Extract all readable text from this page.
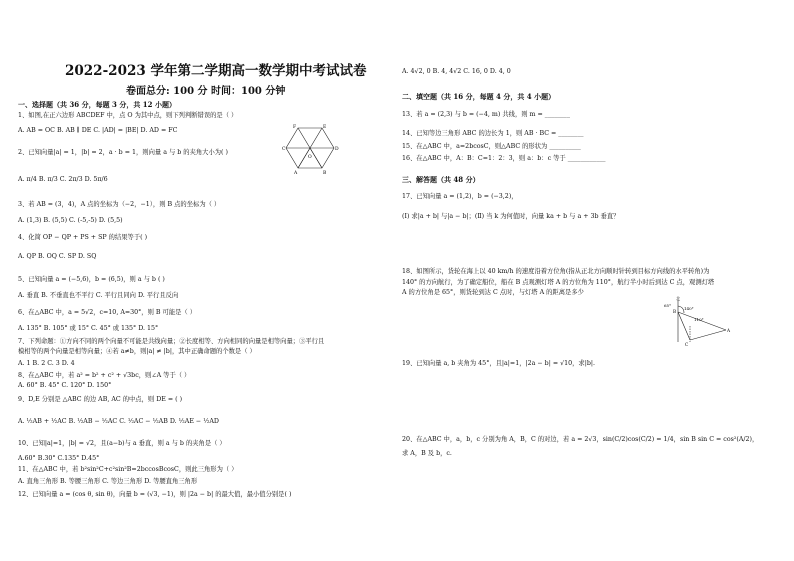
2022-2023 学年第二学期高一数学期中考试试卷
卷面总分: 100 分 时间：100 分钟
一、选择题（共 36 分，每题 3 分，共 12 小题）
1、如图,在正六边形 ABCDEF 中，点 O 为其中点，则下列判断错误的是（ ）
A. AB = OC B. AB ∥ DE C. |AD| = |BE| D. AD = FC	F	E
D
A	B
C
O
2、已知向量|a| = 1，|b| = 2，a · b = 1，则向量 a 与 b 的夹角大小为( )
A. π/4 B. π/3 C. 2π/3 D. 5π/6
3、若 AB = (3，4)，A 点的坐标为（−2，−1），则 B 点的坐标为（ ）
A. (1,3) B. (5,5) C. (-5,-5) D. (5,5)
4、化简 OP − QP + PS + SP 的结果等于( )
A. QP B. OQ C. SP D. SQ
5、已知向量 a = (−5,6)，b = (6,5)，则 a 与 b ( )
A. 垂直 B. 不垂直也不平行 C. 平行且同向 D. 平行且反向
6、在△ABC 中，a = 5√2，c=10, A=30°，则 B 可能是（ ）
A. 135° B. 105° 或 15° C. 45° 或 135° D. 15°
7、下列命题：①方向不同的两个向量不可能是共线向量；②长度相等、方向相同的向量是相等向量；③平行且
模相等的两个向量是相等向量；④若 a≠b，则|a| ≠ |b|，其中正确命题的个数是（ ）
A. 1 B. 2 C. 3 D. 4
8、在△ABC 中，若 a² = b² + c² + √3bc，则∠A 等于（ ）
A. 60° B. 45° C. 120° D. 150°
9、D,E 分别是 △ABC 的边 AB, AC 的中点，则 DE = ( )
A. ½AB + ½AC B. ½AB − ½AC C. ½AC − ½AB D. ½AE − ½AD
10、已知|a|=1，|b| = √2，且(a−b)与 a 垂直，则 a 与 b 的夹角是（ ）
A.60° B.30° C.135° D.45°
11、在△ABC 中，若 b²sin²C+c²sin²B=2bccosBcosC，则此三角形为（ ）
A. 直角三角形 B. 等腰三角形 C. 等边三角形 D. 等腰直角三角形
12、已知向量 a = (cos θ, sin θ)，向量 b = (√3, −1)，则 |2a − b| 的最大值，最小值分别是( )
A. 4√2, 0 B. 4, 4√2 C. 16, 0 D. 4, 0
二、填空题（共 16 分，每题 4 分，共 4 小题）
13、若 a = (2,3) 与 b = (−4, m) 共线，则 m = ________
14、已知等边三角形 ABC 的边长为 1，则 AB · BC = ________
15、在△ABC 中，a=2bcosC，则△ABC 的形状为 __________
16、在△ABC 中，A：B：C=1：2：3，则 a：b：c 等于 ____________
三、解答题（共 48 分）
17、已知向量 a = (1,2)，b = (−3,2)，
(Ⅰ) 求|a + b| 与|a − b|；(Ⅱ) 当 k 为何值时，向量 ka + b 与 a + 3b 垂直？
18、如图所示，货轮在海上以 40 km/h 的速度沿着方位角(指从正北方向顺时针转到目标方向线的水平转角)为
140° 的方向航行，为了确定船位，船在 B 点观测灯塔 A 的方位角为 110°，航行半小时后到达 C 点，观测灯塔
A 的方位角是 65°，则货轮到达 C 点时，与灯塔 A 的距离是多少
北
B
C
A
140°
65°
110°
19、已知向量 a, b 夹角为 45°，且|a|=1，|2a − b| = √10，求|b|.
20、在△ABC 中，a，b，c 分别为角 A，B，C 的对边，若 a = 2√3，sin(C/2)cos(C/2) = 1/4，sin B sin C = cos²(A/2)，
求 A，B 及 b，c.
